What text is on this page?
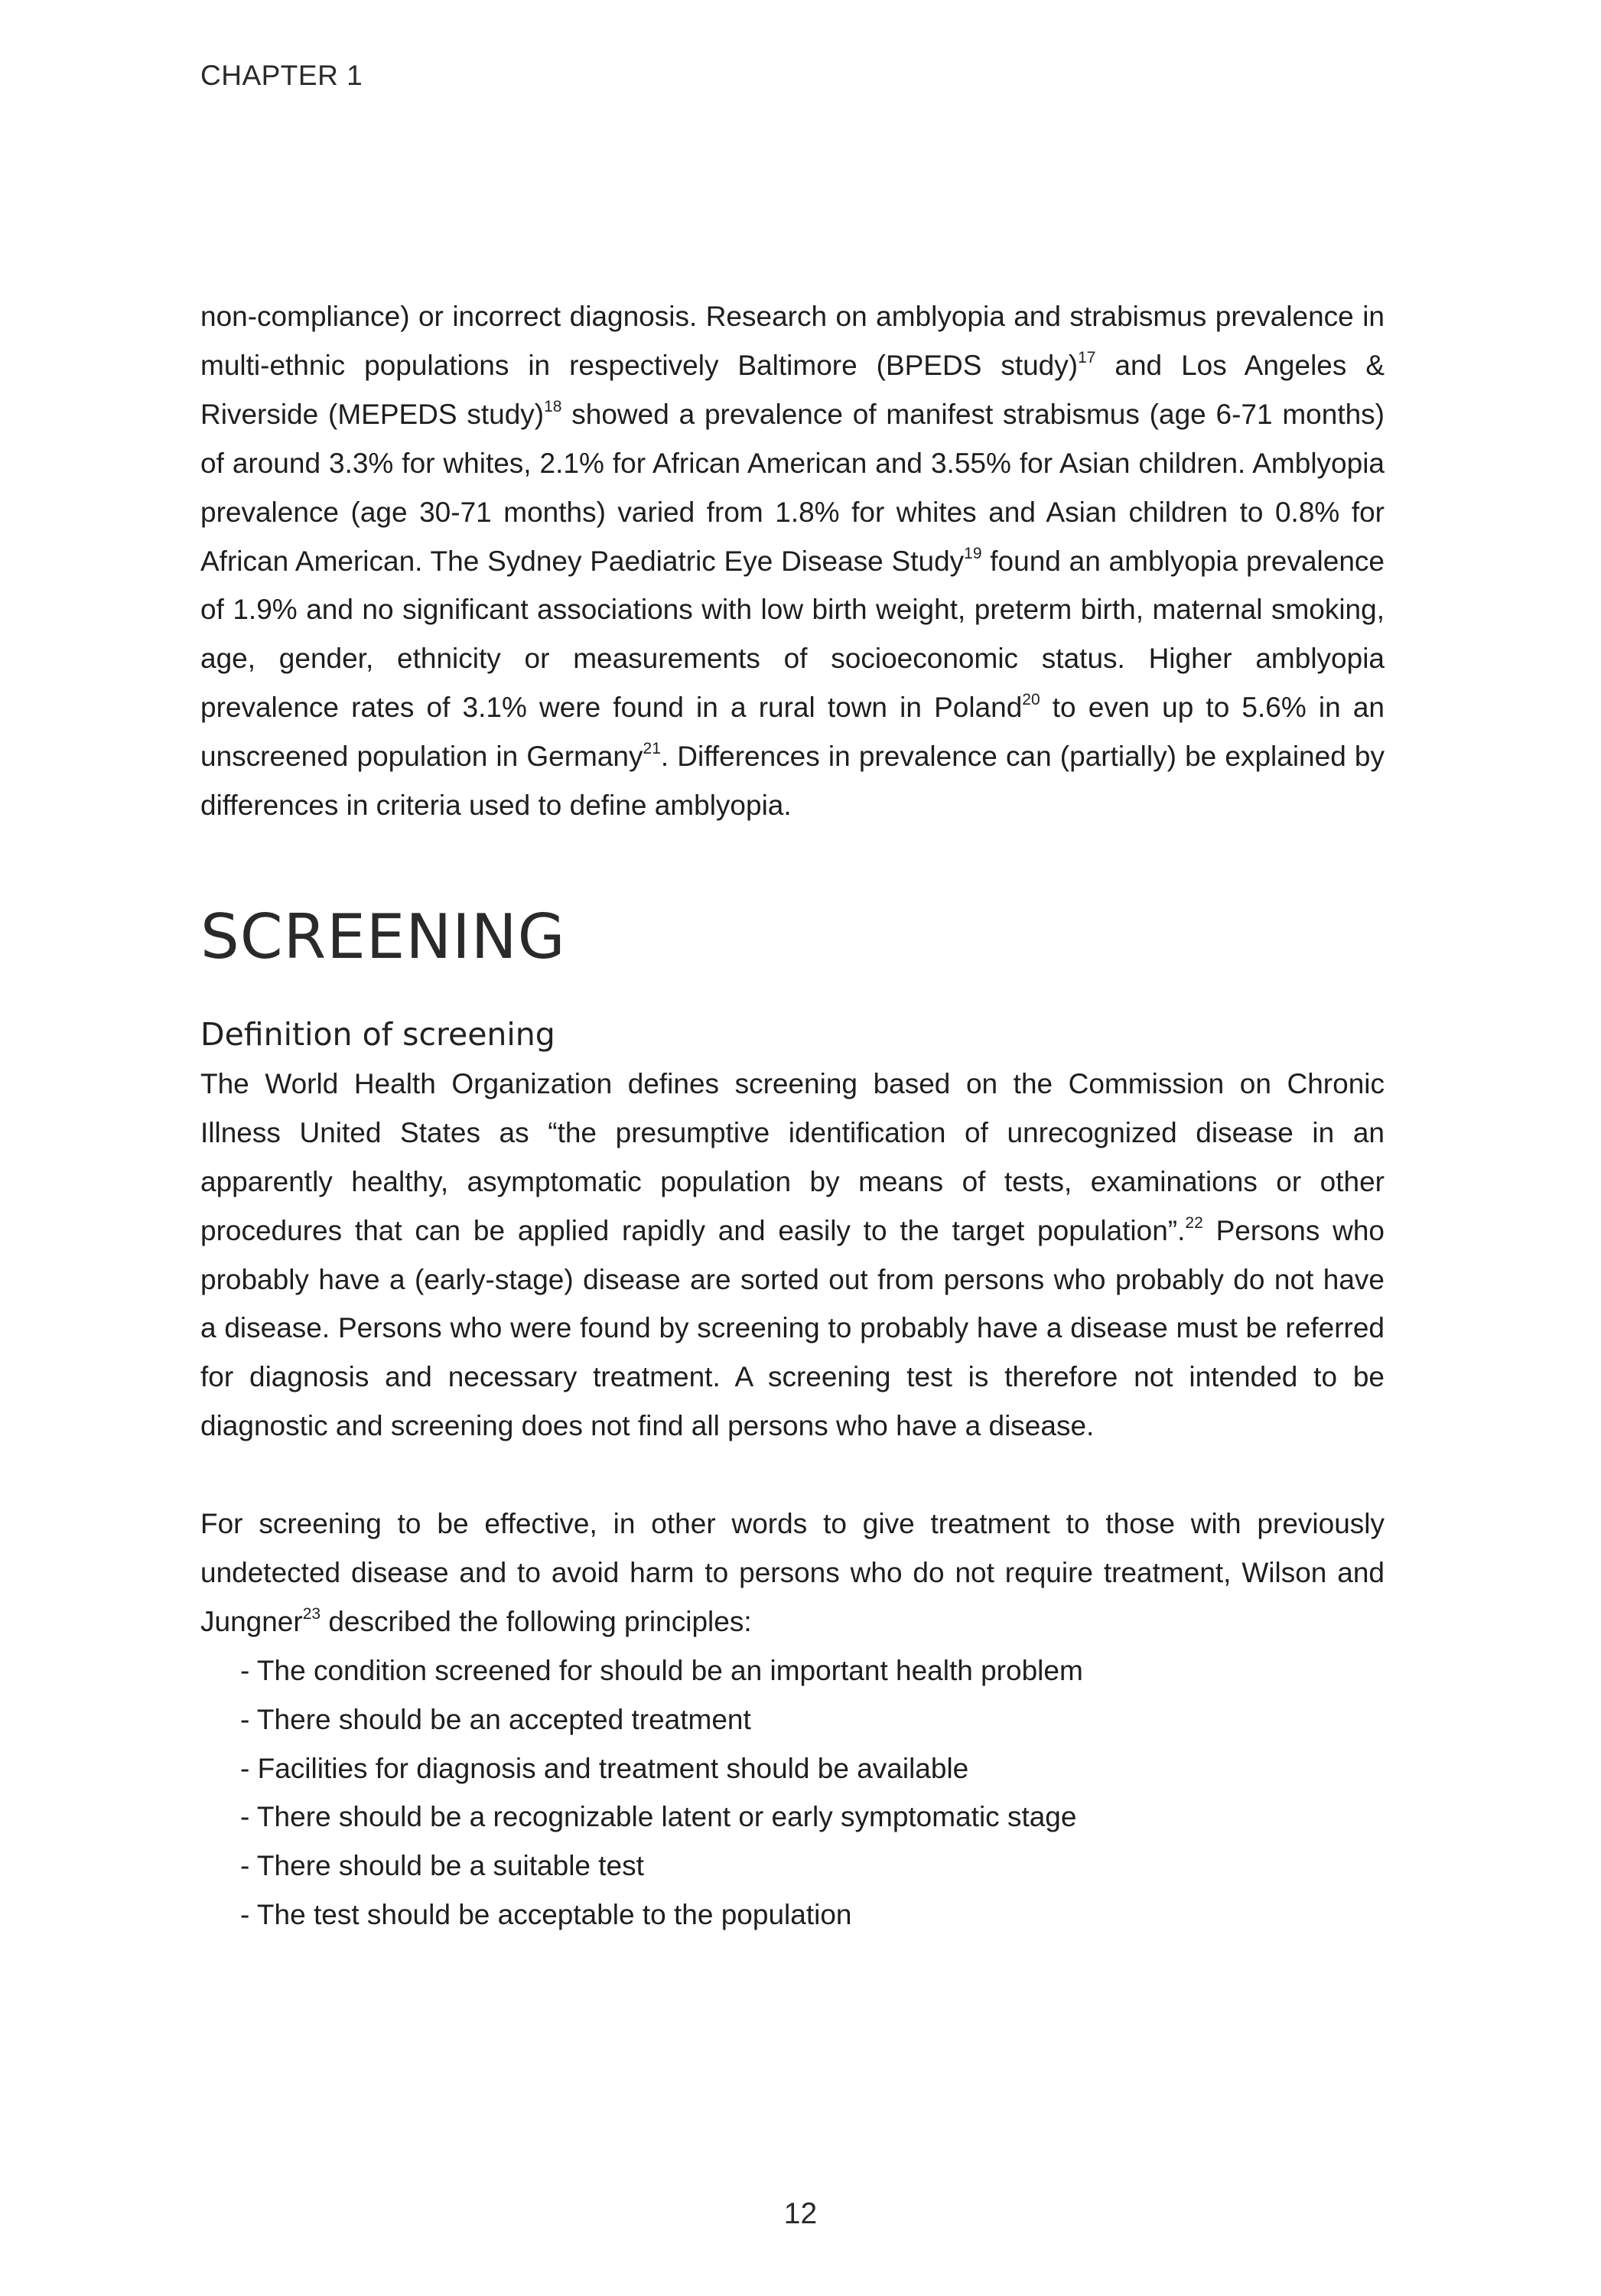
CHAPTER 1

non-compliance) or incorrect diagnosis. Research on amblyopia and strabismus prevalence in multi-ethnic populations in respectively Baltimore (BPEDS study)$^{17}$ and Los Angeles & Riverside (MEPEDS study)$^{18}$ showed a prevalence of manifest strabismus (age 6-71 months) of around 3.3% for whites, 2.1% for African American and 3.55% for Asian children. Amblyopia prevalence (age 30-71 months) varied from 1.8% for whites and Asian children to 0.8% for African American. The Sydney Paediatric Eye Disease Study$^{19}$ found an amblyopia prevalence of 1.9% and no significant associations with low birth weight, preterm birth, maternal smoking, age, gender, ethnicity or measurements of socioeconomic status. Higher amblyopia prevalence rates of 3.1% were found in a rural town in Poland$^{20}$ to even up to 5.6% in an unscreened population in Germany$^{21}$. Differences in prevalence can (partially) be explained by differences in criteria used to define amblyopia.

SCREENING
Definition of screening

The World Health Organization defines screening based on the Commission on Chronic Illness United States as “the presumptive identification of unrecognized disease in an apparently healthy, asymptomatic population by means of tests, examinations or other procedures that can be applied rapidly and easily to the target population”.$^{22}$ Persons who probably have a (early-stage) disease are sorted out from persons who probably do not have a disease. Persons who were found by screening to probably have a disease must be referred for diagnosis and necessary treatment. A screening test is therefore not intended to be diagnostic and screening does not find all persons who have a disease.

For screening to be effective, in other words to give treatment to those with previously undetected disease and to avoid harm to persons who do not require treatment, Wilson and Jungner$^{23}$ described the following principles:

- The condition screened for should be an important health problem
- There should be an accepted treatment
- Facilities for diagnosis and treatment should be available
- There should be a recognizable latent or early symptomatic stage
- There should be a suitable test
- The test should be acceptable to the population
12
